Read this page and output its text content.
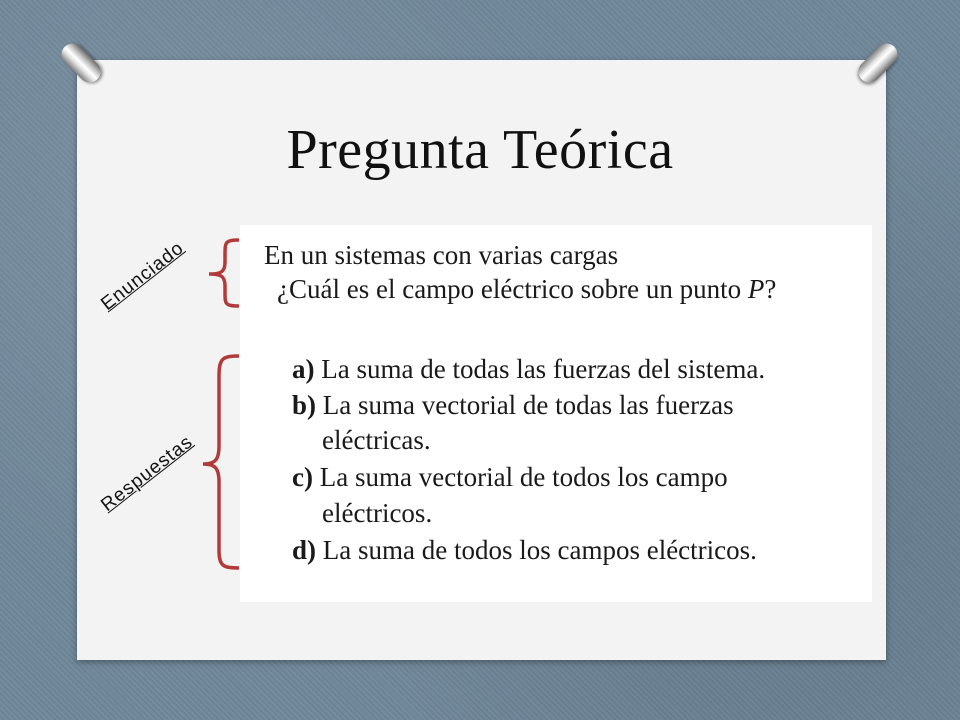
Pregunta Teórica
Enunciado
Respuestas
En un sistemas con varias cargas
¿Cuál es el campo eléctrico sobre un punto P?
a) La suma de todas las fuerzas del sistema.
b) La suma vectorial de todas las fuerzas
eléctricas.
c) La suma vectorial de todos los campo
eléctricos.
d) La suma de todos los campos eléctricos.
